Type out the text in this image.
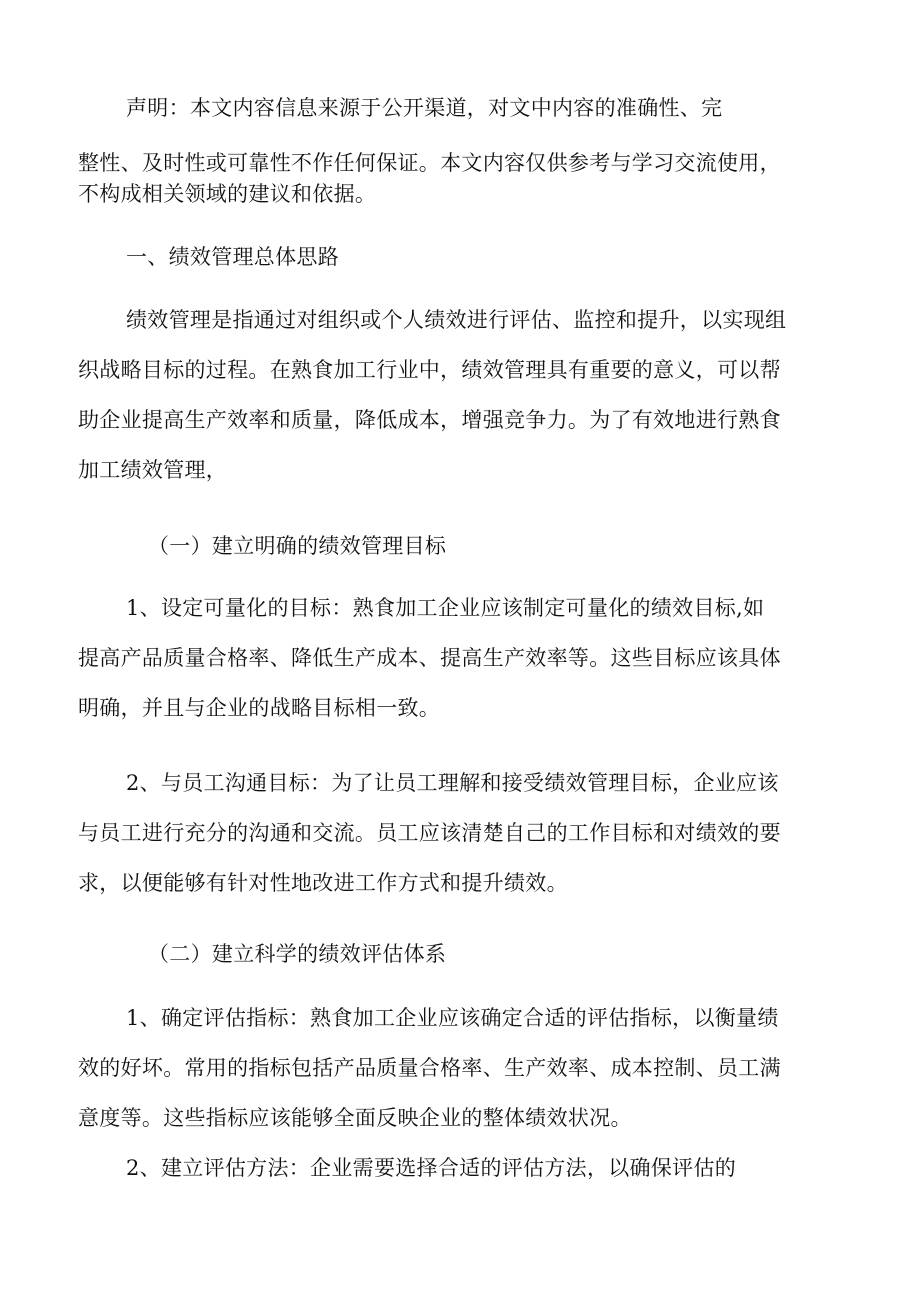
声明：本文内容信息来源于公开渠道，对文中内容的准确性、完
整性、及时性或可靠性不作任何保证。本文内容仅供参考与学习交流使用，
不构成相关领域的建议和依据。
一、绩效管理总体思路
绩效管理是指通过对组织或个人绩效进行评估、监控和提升，以实现组
织战略目标的过程。在熟食加工行业中，绩效管理具有重要的意义，可以帮
助企业提高生产效率和质量，降低成本，增强竞争力。为了有效地进行熟食
加工绩效管理，
（一）建立明确的绩效管理目标
1、设定可量化的目标：熟食加工企业应该制定可量化的绩效目标,如
提高产品质量合格率、降低生产成本、提高生产效率等。这些目标应该具体
明确，并且与企业的战略目标相一致。
2、与员工沟通目标：为了让员工理解和接受绩效管理目标，企业应该
与员工进行充分的沟通和交流。员工应该清楚自己的工作目标和对绩效的要
求，以便能够有针对性地改进工作方式和提升绩效。
（二）建立科学的绩效评估体系
1、确定评估指标：熟食加工企业应该确定合适的评估指标，以衡量绩
效的好坏。常用的指标包括产品质量合格率、生产效率、成本控制、员工满
意度等。这些指标应该能够全面反映企业的整体绩效状况。
2、建立评估方法：企业需要选择合适的评估方法，以确保评估的
